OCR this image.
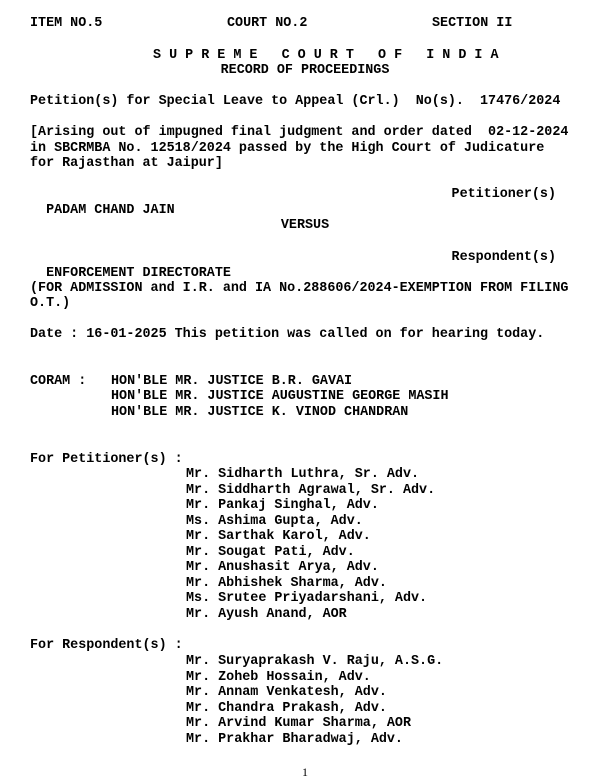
ITEM NO.5	COURT NO.2	SECTION II
S U P R E M E   C O U R T   O F   I N D I A
RECORD OF PROCEEDINGS
Petition(s) for Special Leave to Appeal (Crl.)  No(s).  17476/2024
[Arising out of impugned final judgment and order dated  02-12-2024
in SBCRMBA No. 12518/2024 passed by the High Court of Judicature
for Rajasthan at Jaipur]

PADAM CHAND JAIN

Petitioner(s)

VERSUS

ENFORCEMENT DIRECTORATE

Respondent(s)

(FOR ADMISSION and I.R. and IA No.288606/2024-EXEMPTION FROM FILING
O.T.)
Date : 16-01-2025 This petition was called on for hearing today.
CORAM : HON'BLE MR. JUSTICE B.R. GAVAI
HON'BLE MR. JUSTICE AUGUSTINE GEORGE MASIH
HON'BLE MR. JUSTICE K. VINOD CHANDRAN
For Petitioner(s) :
Mr. Sidharth Luthra, Sr. Adv.
Mr. Siddharth Agrawal, Sr. Adv.
Mr. Pankaj Singhal, Adv.
Ms. Ashima Gupta, Adv.
Mr. Sarthak Karol, Adv.
Mr. Sougat Pati, Adv.
Mr. Anushasit Arya, Adv.
Mr. Abhishek Sharma, Adv.
Ms. Srutee Priyadarshani, Adv.
Mr. Ayush Anand, AOR
For Respondent(s) :
Mr. Suryaprakash V. Raju, A.S.G.
Mr. Zoheb Hossain, Adv.
Mr. Annam Venkatesh, Adv.
Mr. Chandra Prakash, Adv.
Mr. Arvind Kumar Sharma, AOR
Mr. Prakhar Bharadwaj, Adv.
1
